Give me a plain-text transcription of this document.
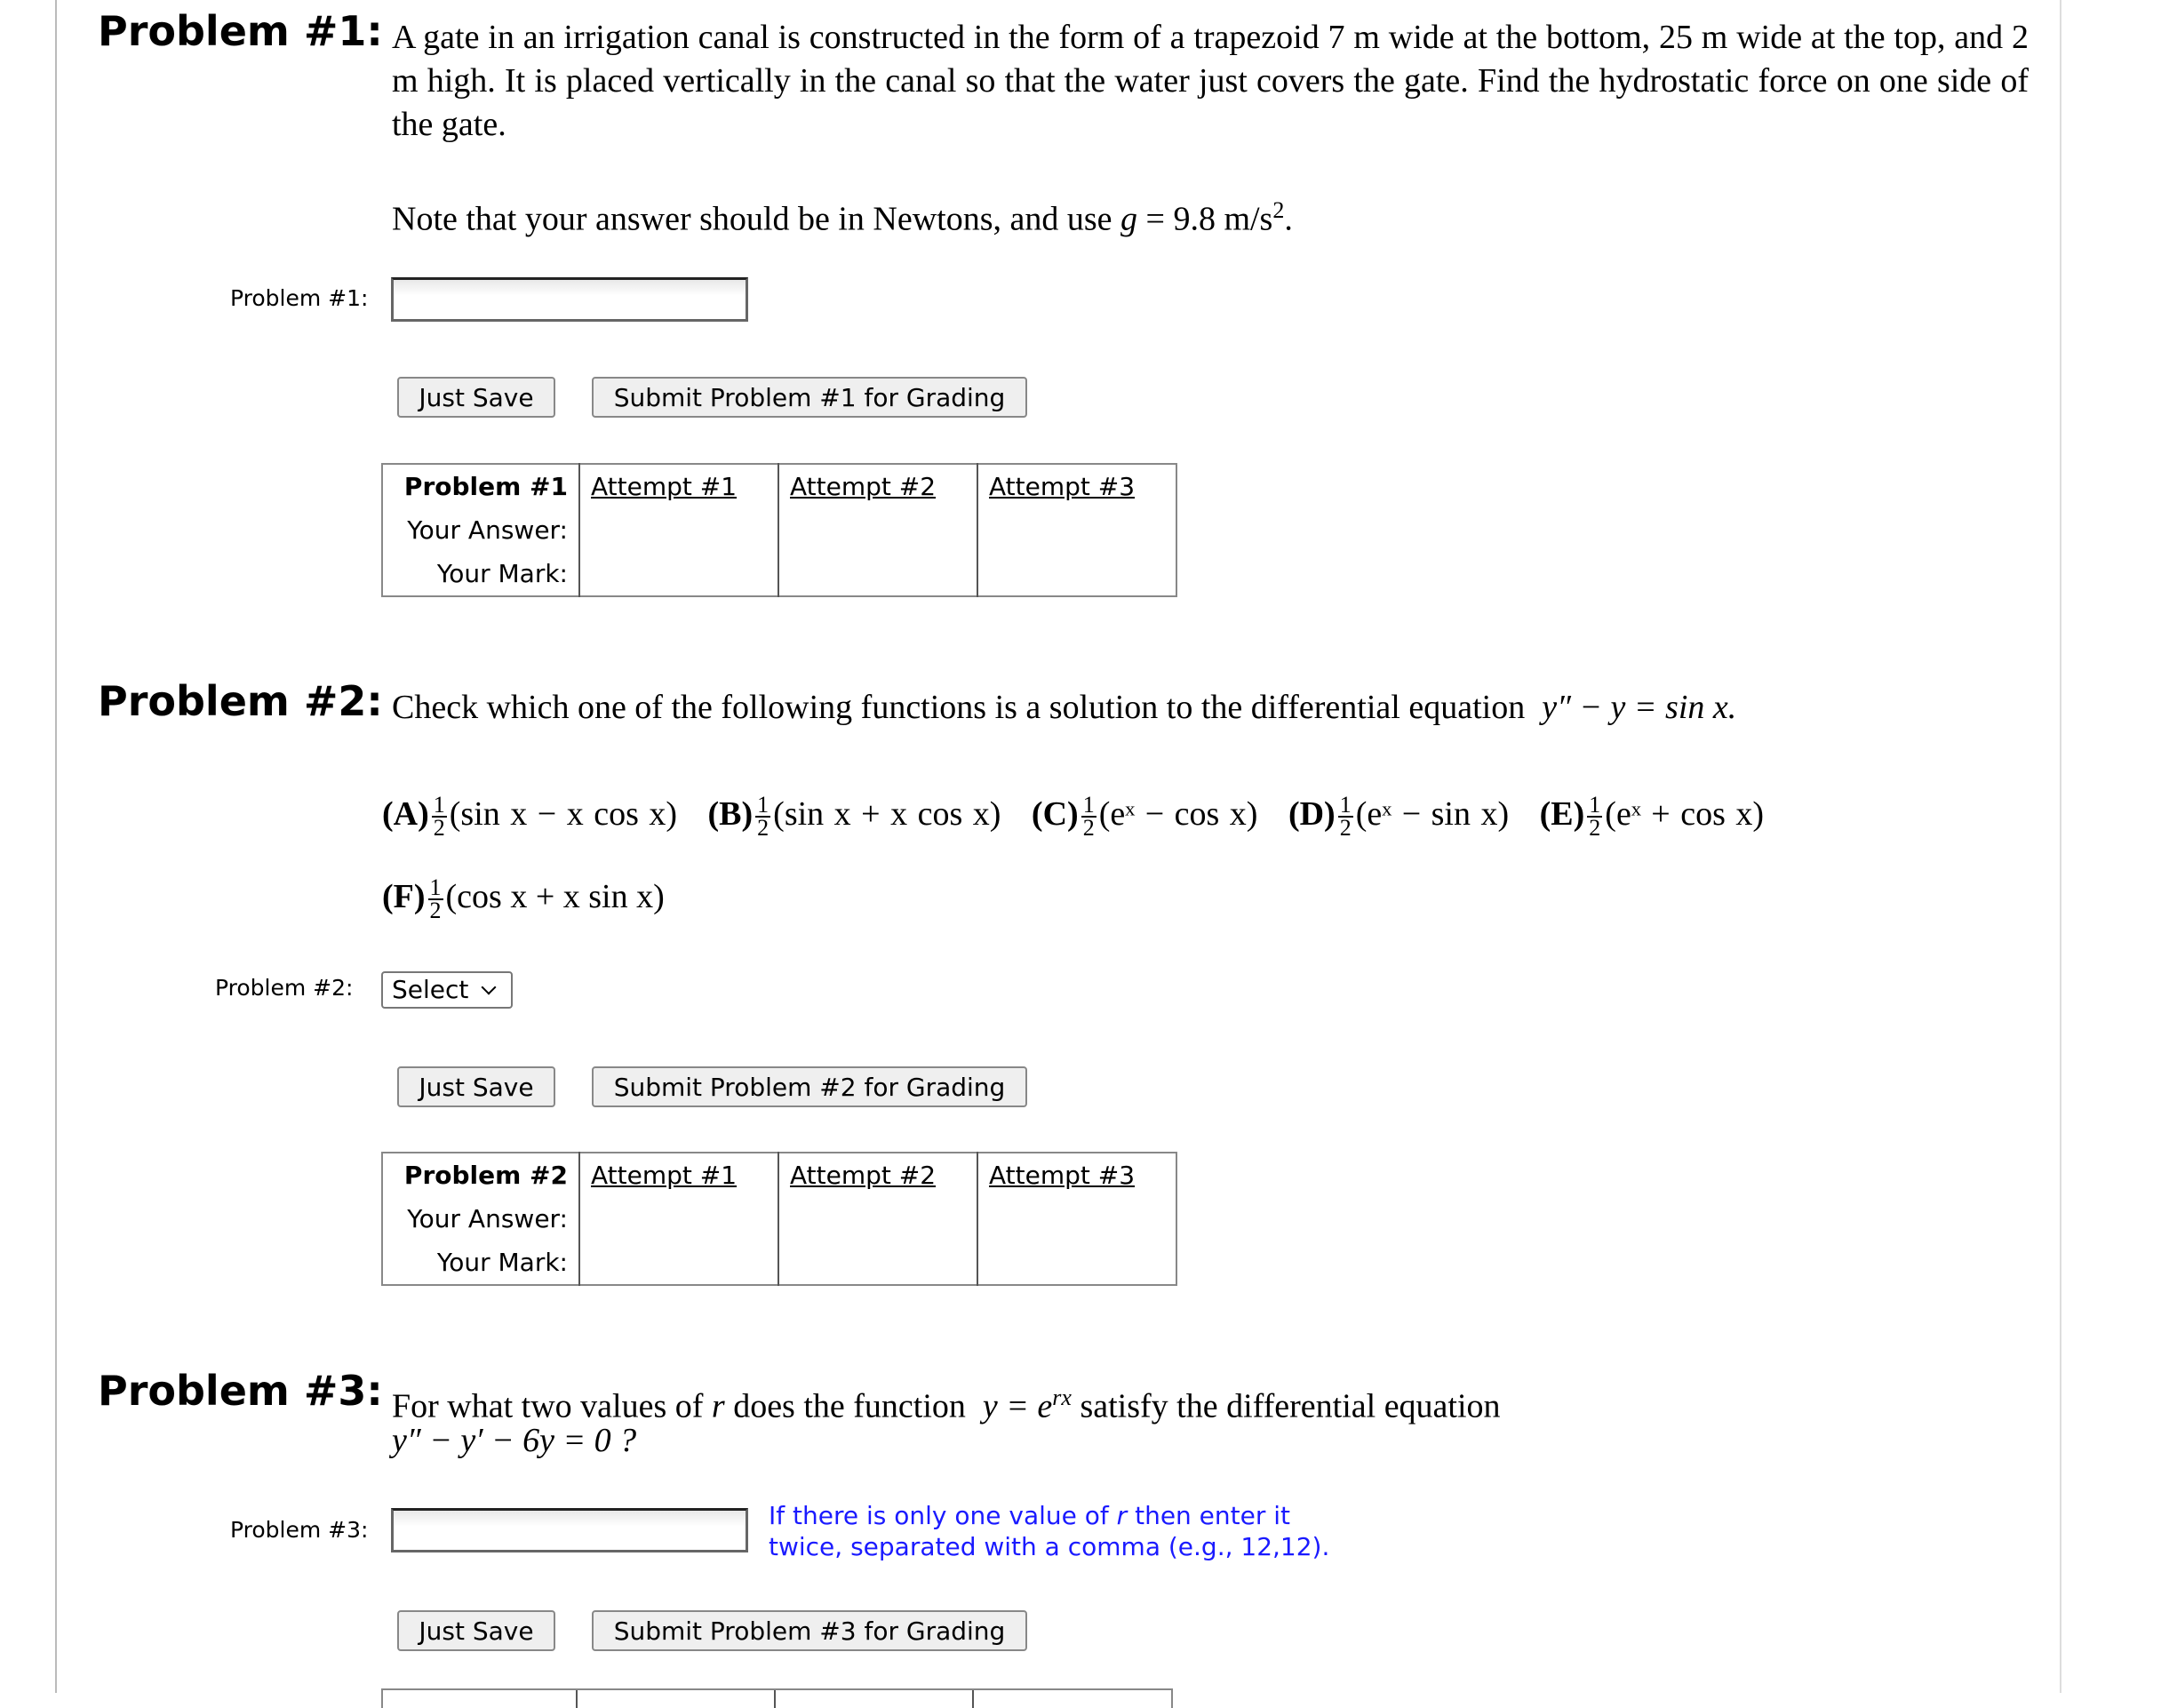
Problem #1: A gate in an irrigation canal is constructed in the form of a trapezoid 7 m wide at the bottom, 25 m wide at the top, and 2 m high. It is placed vertically in the canal so that the water just covers the gate. Find the hydrostatic force on one side of the gate.
Note that your answer should be in Newtons, and use g = 9.8 $m/s^2$.
Problem #1:
Just Save	Submit Problem #1 for Grading
Problem #1	Attempt #1	Attempt #2	Attempt #3
Your Answer:			
Your Mark:			
Problem #2: Check which one of the following functions is a solution to the differential equation y″ − y = sin x.
$(A) \frac{1}{2} (\sin$ x − x cos x) $(B) \frac{1}{2} (\sin$ x + x cos x) $(C) \frac{1}{2}$ (eˣ − cos x) $(D) \frac{1}{2}$ (eˣ − sin x) $(E) \frac{1}{2}$ (eˣ + cos x)
$(F) \frac{1}{2} (\cos$ x + x sin x)
Problem #2:	Select
Just Save	Submit Problem #2 for Grading
Problem #2	Attempt #1	Attempt #2	Attempt #3
Your Answer:			
Your Mark:			
Problem #3: For what two values of r does the function  $y = e^{rx}$ satisfy the differential equation
y″ − y′ − 6y = 0 ?
Problem #3:	If there is only one value of r then enter it
twice, separated with a comma (e.g., 12,12).
Just Save	Submit Problem #3 for Grading
